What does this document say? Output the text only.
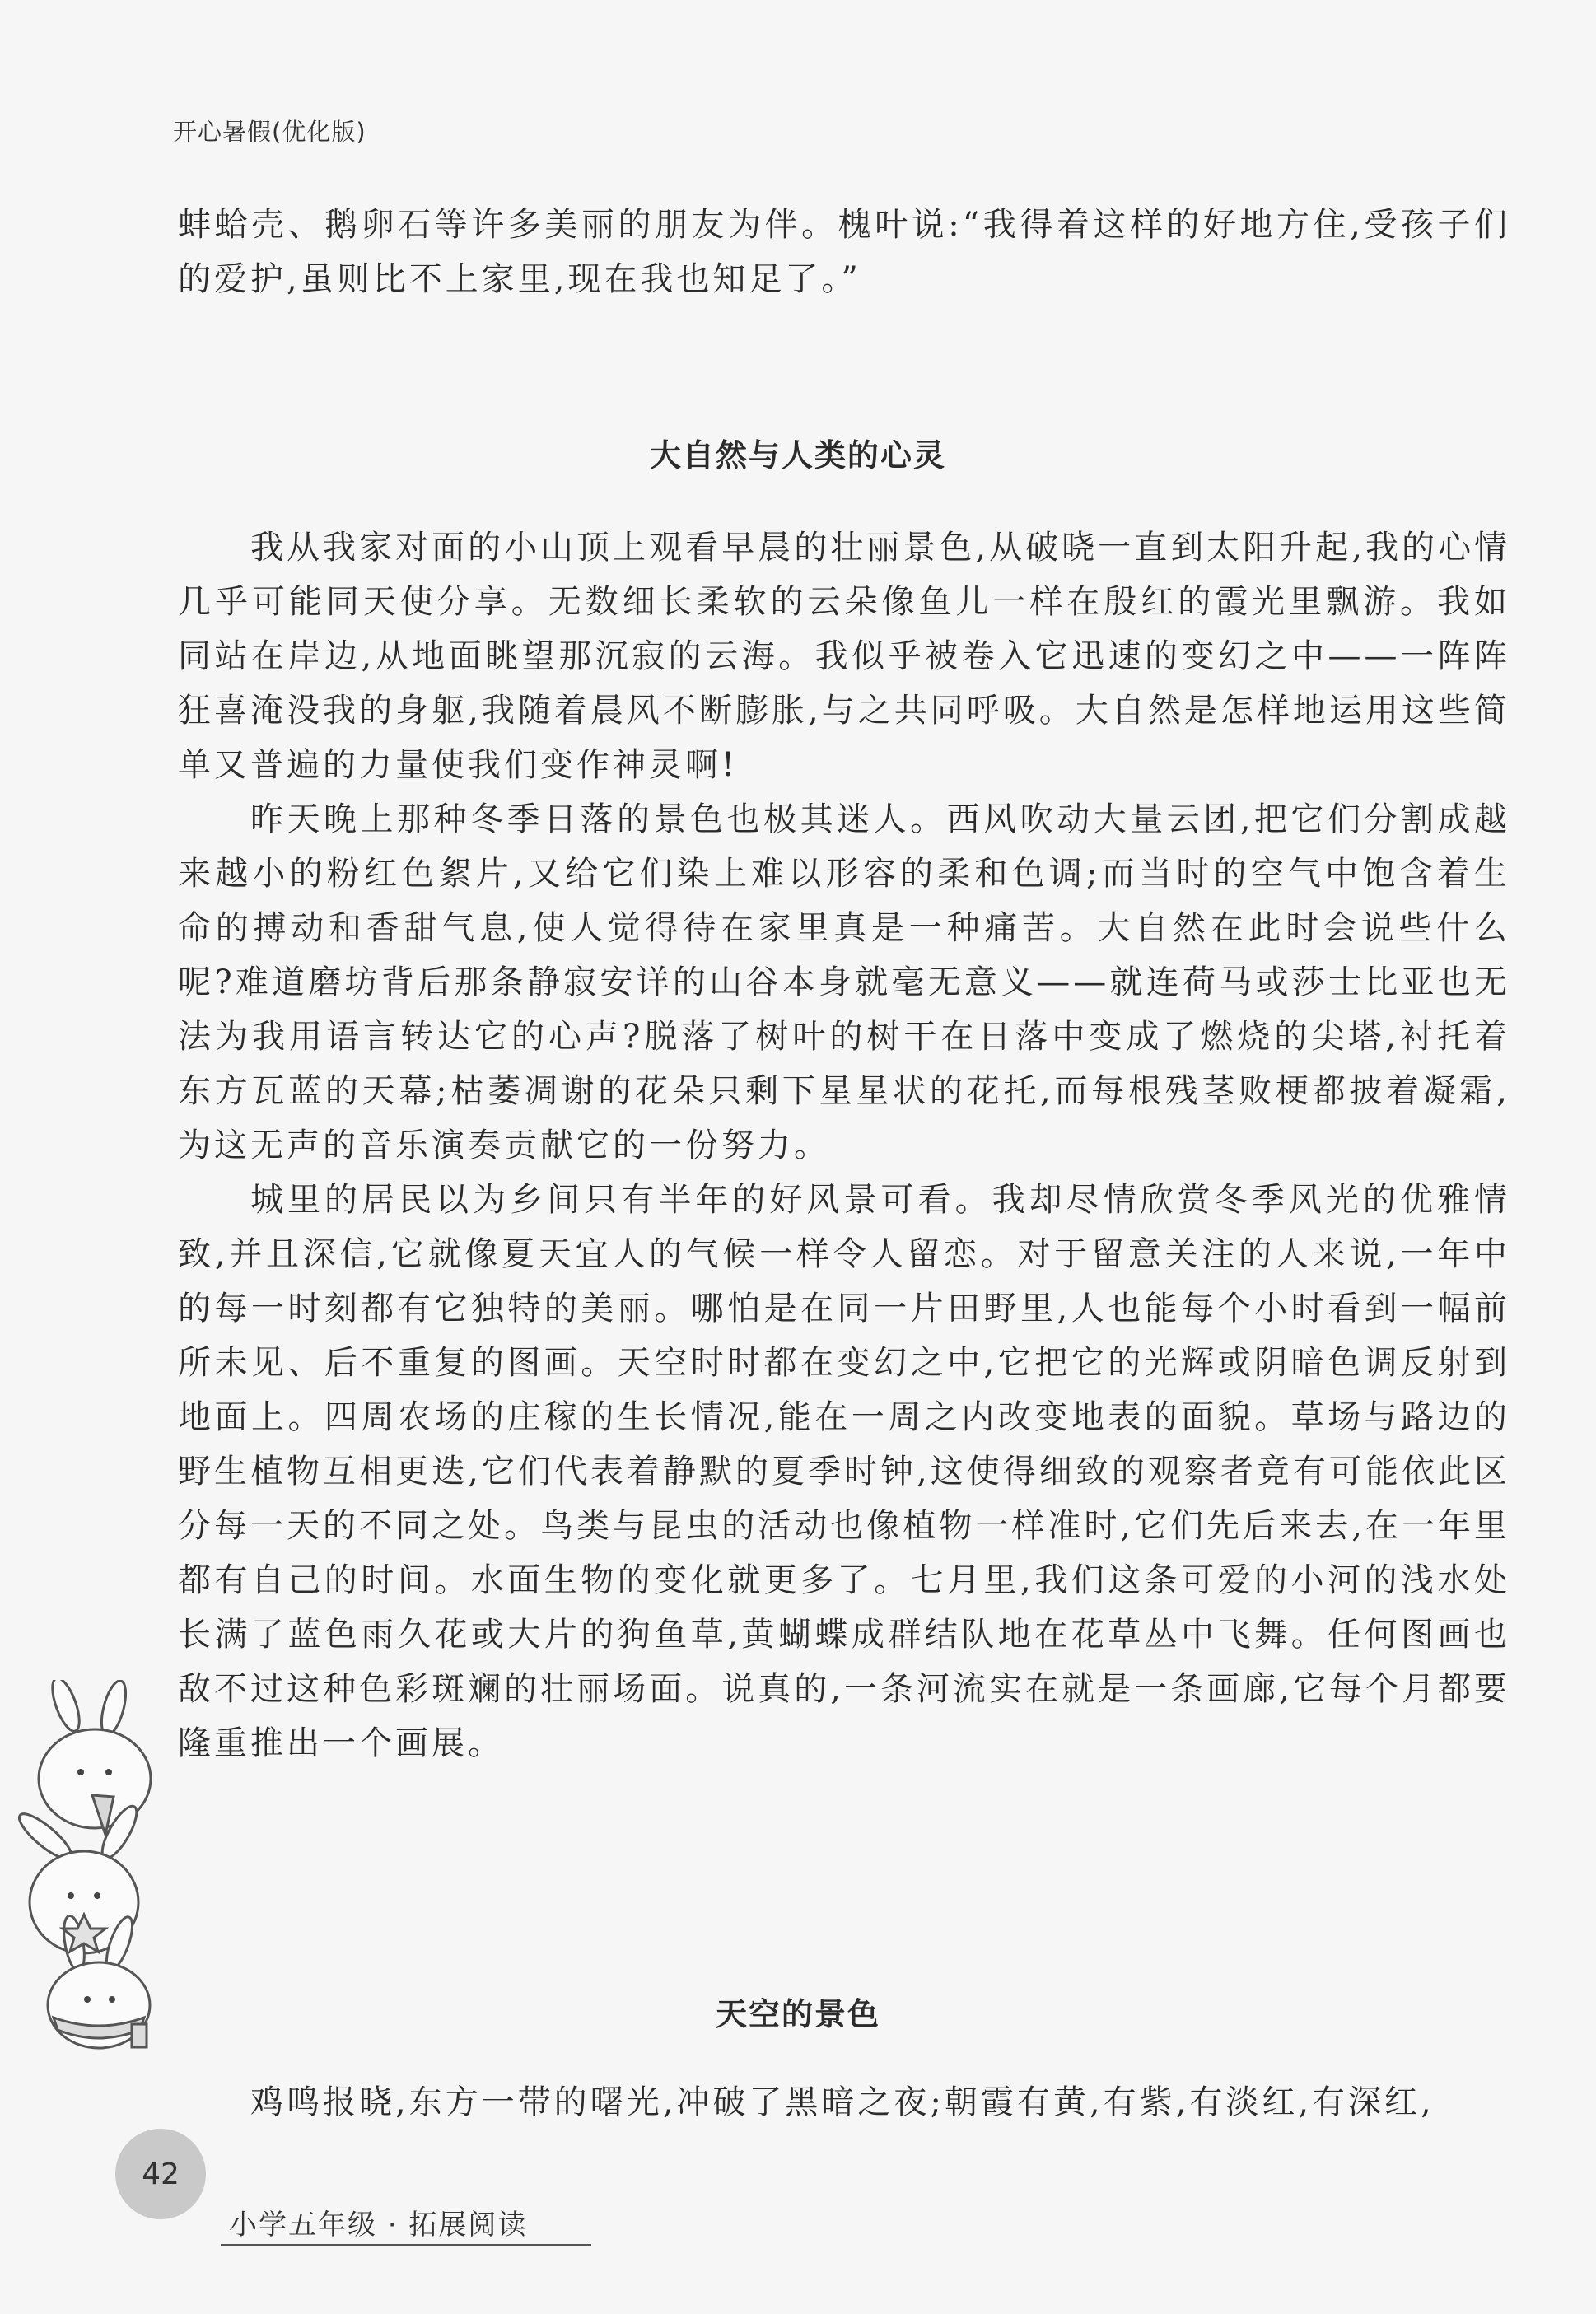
开心暑假(优化版)

蚌蛤壳、鹅卵石等许多美丽的朋友为伴。槐叶说:“我得着这样的好地方住,受孩子们的爱护,虽则比不上家里,现在我也知足了。”

大自然与人类的心灵

我从我家对面的小山顶上观看早晨的壮丽景色,从破晓一直到太阳升起,我的心情几乎可能同天使分享。无数细长柔软的云朵像鱼儿一样在殷红的霞光里飘游。我如同站在岸边,从地面眺望那沉寂的云海。我似乎被卷入它迅速的变幻之中——一阵阵狂喜淹没我的身躯,我随着晨风不断膨胀,与之共同呼吸。大自然是怎样地运用这些简单又普遍的力量使我们变作神灵啊!

昨天晚上那种冬季日落的景色也极其迷人。西风吹动大量云团,把它们分割成越来越小的粉红色絮片,又给它们染上难以形容的柔和色调;而当时的空气中饱含着生命的搏动和香甜气息,使人觉得待在家里真是一种痛苦。大自然在此时会说些什么呢?难道磨坊背后那条静寂安详的山谷本身就毫无意义——就连荷马或莎士比亚也无法为我用语言转达它的心声?脱落了树叶的树干在日落中变成了燃烧的尖塔,衬托着东方瓦蓝的天幕;枯萎凋谢的花朵只剩下星星状的花托,而每根残茎败梗都披着凝霜,为这无声的音乐演奏贡献它的一份努力。

城里的居民以为乡间只有半年的好风景可看。我却尽情欣赏冬季风光的优雅情致,并且深信,它就像夏天宜人的气候一样令人留恋。对于留意关注的人来说,一年中的每一时刻都有它独特的美丽。哪怕是在同一片田野里,人也能每个小时看到一幅前所未见、后不重复的图画。天空时时都在变幻之中,它把它的光辉或阴暗色调反射到地面上。四周农场的庄稼的生长情况,能在一周之内改变地表的面貌。草场与路边的野生植物互相更迭,它们代表着静默的夏季时钟,这使得细致的观察者竟有可能依此区分每一天的不同之处。鸟类与昆虫的活动也像植物一样准时,它们先后来去,在一年里都有自己的时间。水面生物的变化就更多了。七月里,我们这条可爱的小河的浅水处长满了蓝色雨久花或大片的狗鱼草,黄蝴蝶成群结队地在花草丛中飞舞。任何图画也敌不过这种色彩斑斓的壮丽场面。说真的,一条河流实在就是一条画廊,它每个月都要隆重推出一个画展。

天空的景色

鸡鸣报晓,东方一带的曙光,冲破了黑暗之夜;朝霞有黄,有紫,有淡红,有深红,

42
小学五年级 · 拓展阅读
